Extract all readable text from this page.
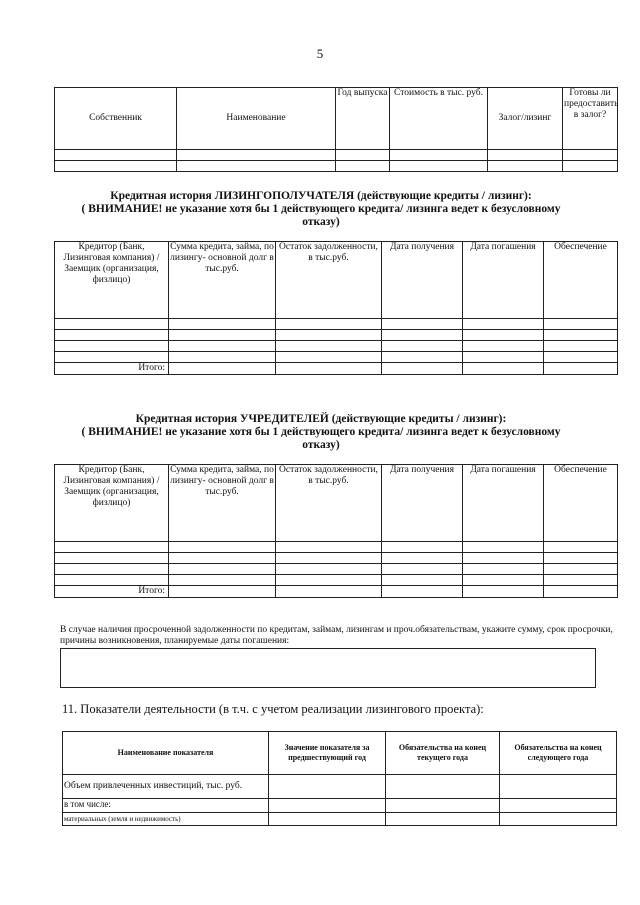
5
Собственник	Наименование	Год выпуска	Стоимость в тыс. руб.	Залог/лизинг	Готовы ли предоставить в залог?

Кредитная история ЛИЗИНГОПОЛУЧАТЕЛЯ (действующие кредиты / лизинг):
( ВНИМАНИЕ! не указание хотя бы 1 действующего кредита/ лизинга ведет к безусловному отказу)
Кредитор (Банк, Лизинговая компания) /Заемщик (организация, физлицо)	Сумма кредита, займа, по лизингу- основной долг в тыс.руб.	Остаток задолженности, в тыс.руб.	Дата получения	Дата погашения	Обеспечение

Итого:					
Кредитная история УЧРЕДИТЕЛЕЙ (действующие кредиты / лизинг):
( ВНИМАНИЕ! не указание хотя бы 1 действующего кредита/ лизинга ведет к безусловному отказу)
Кредитор (Банк, Лизинговая компания) /Заемщик (организация, физлицо)	Сумма кредита, займа, по лизингу- основной долг в тыс.руб.	Остаток задолженности, в тыс.руб.	Дата получения	Дата погашения	Обеспечение

Итого:					
В случае наличия просроченной задолженности по кредитам, займам, лизингам и проч.обязательствам, укажите сумму, срок просрочки, причины возникновения, планируемые даты погашения:
11. Показатели деятельности (в т.ч. с учетом реализации лизингового проекта):
Наименование показателя	Значение показателя за предшествующий год	Обязательства на конец текущего года	Обязательства на конец следующего года
Объем привлеченных инвестиций, тыс. руб.			
в том числе:			
материальных (земля и недвижимость)			
